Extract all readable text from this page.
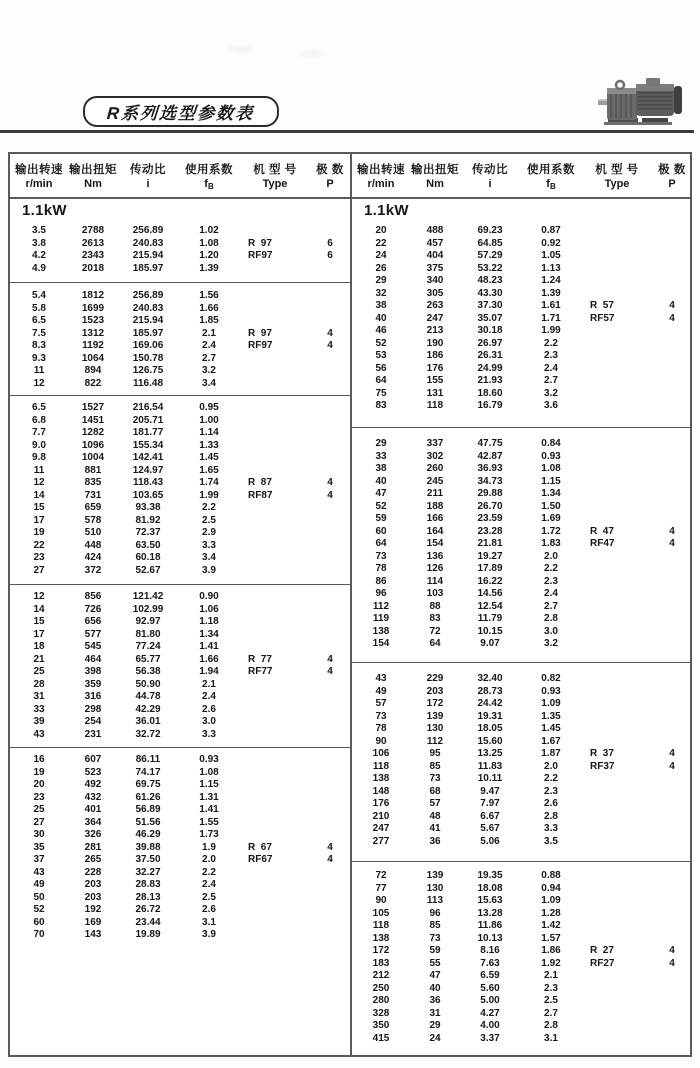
R系列选型参数表
输出转速 输出扭矩	传动比	使用系数	机 型 号	极 数
r/min	Nm	i	$f_B$	Type	P
1.1kW
3.5	2788	256.89	1.02
3.8	2613	240.83	1.08	R  97	6
4.2	2343	215.94	1.20	RF97	6
4.9	2018	185.97	1.39
5.4	1812	256.89	1.56
5.8	1699	240.83	1.66
6.5	1523	215.94	1.85
7.5	1312	185.97	2.1	R  97	4
8.3	1192	169.06	2.4	RF97	4
9.3	1064	150.78	2.7
11	894	126.75	3.2
12	822	116.48	3.4
6.5	1527	216.54	0.95
6.8	1451	205.71	1.00
7.7	1282	181.77	1.14
9.0	1096	155.34	1.33
9.8	1004	142.41	1.45
11	881	124.97	1.65
12	835	118.43	1.74	R  87	4
14	731	103.65	1.99	RF87	4
15	659	93.38	2.2
17	578	81.92	2.5
19	510	72.37	2.9
22	448	63.50	3.3
23	424	60.18	3.4
27	372	52.67	3.9
12	856	121.42	0.90
14	726	102.99	1.06
15	656	92.97	1.18
17	577	81.80	1.34
18	545	77.24	1.41
21	464	65.77	1.66	R  77	4
25	398	56.38	1.94	RF77	4
28	359	50.90	2.1
31	316	44.78	2.4
33	298	42.29	2.6
39	254	36.01	3.0
43	231	32.72	3.3
16	607	86.11	0.93
19	523	74.17	1.08
20	492	69.75	1.15
23	432	61.26	1.31
25	401	56.89	1.41
27	364	51.56	1.55
30	326	46.29	1.73
35	281	39.88	1.9	R  67	4
37	265	37.50	2.0	RF67	4
43	228	32.27	2.2
49	203	28.83	2.4
50	203	28.13	2.5
52	192	26.72	2.6
60	169	23.44	3.1
70	143	19.89	3.9
输出转速 输出扭矩	传动比	使用系数	机 型 号	极 数
r/min	Nm	i	$f_B$	Type	P
1.1kW
20	488	69.23	0.87
22	457	64.85	0.92
24	404	57.29	1.05
26	375	53.22	1.13
29	340	48.23	1.24
32	305	43.30	1.39
38	263	37.30	1.61	R  57	4
40	247	35.07	1.71	RF57	4
46	213	30.18	1.99
52	190	26.97	2.2
53	186	26.31	2.3
56	176	24.99	2.4
64	155	21.93	2.7
75	131	18.60	3.2
83	118	16.79	3.6
29	337	47.75	0.84
33	302	42.87	0.93
38	260	36.93	1.08
40	245	34.73	1.15
47	211	29.88	1.34
52	188	26.70	1.50
59	166	23.59	1.69
60	164	23.28	1.72	R  47	4
64	154	21.81	1.83	RF47	4
73	136	19.27	2.0
78	126	17.89	2.2
86	114	16.22	2.3
96	103	14.56	2.4
112	88	12.54	2.7
119	83	11.79	2.8
138	72	10.15	3.0
154	64	9.07	3.2
43	229	32.40	0.82
49	203	28.73	0.93
57	172	24.42	1.09
73	139	19.31	1.35
78	130	18.05	1.45
90	112	15.60	1.67
106	95	13.25	1.87	R  37	4
118	85	11.83	2.0	RF37	4
138	73	10.11	2.2
148	68	9.47	2.3
176	57	7.97	2.6
210	48	6.67	2.8
247	41	5.67	3.3
277	36	5.06	3.5
72	139	19.35	0.88
77	130	18.08	0.94
90	113	15.63	1.09
105	96	13.28	1.28
118	85	11.86	1.42
138	73	10.13	1.57
172	59	8.16	1.86	R  27	4
183	55	7.63	1.92	RF27	4
212	47	6.59	2.1
250	40	5.60	2.3
280	36	5.00	2.5
328	31	4.27	2.7
350	29	4.00	2.8
415	24	3.37	3.1
